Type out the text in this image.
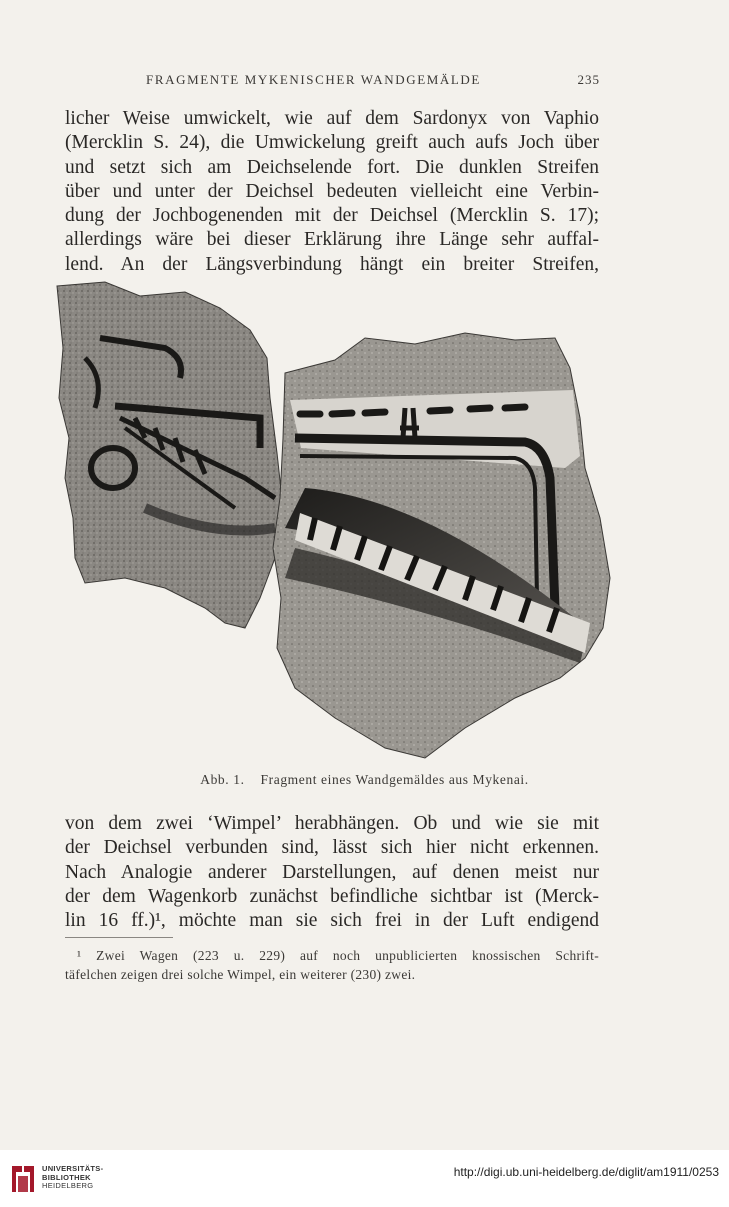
FRAGMENTE MYKENISCHER WANDGEMÄLDE	235
licher Weise umwickelt, wie auf dem Sardonyx von Vaphio
(Mercklin S. 24), die Umwickelung greift auch aufs Joch über
und setzt sich am Deichselende fort. Die dunklen Streifen
über und unter der Deichsel bedeuten vielleicht eine Verbin-
dung der Jochbogenenden mit der Deichsel (Mercklin S. 17);
allerdings wäre bei dieser Erklärung ihre Länge sehr auffal-
lend. An der Längsverbindung hängt ein breiter Streifen,
Abb. 1. Fragment eines Wandgemäldes aus Mykenai.
von dem zwei ‘Wimpel’ herabhängen. Ob und wie sie mit
der Deichsel verbunden sind, lässt sich hier nicht erkennen.
Nach Analogie anderer Darstellungen, auf denen meist nur
der dem Wagenkorb zunächst befindliche sichtbar ist (Merck-
lin 16 ff.)¹, möchte man sie sich frei in der Luft endigend
¹ Zwei Wagen (223 u. 229) auf noch unpublicierten knossischen Schrift-
täfelchen zeigen drei solche Wimpel, ein weiterer (230) zwei.
UNIVERSITÄTS-
BIBLIOTHEK
HEIDELBERG
http://digi.ub.uni-heidelberg.de/diglit/am1911/0253
